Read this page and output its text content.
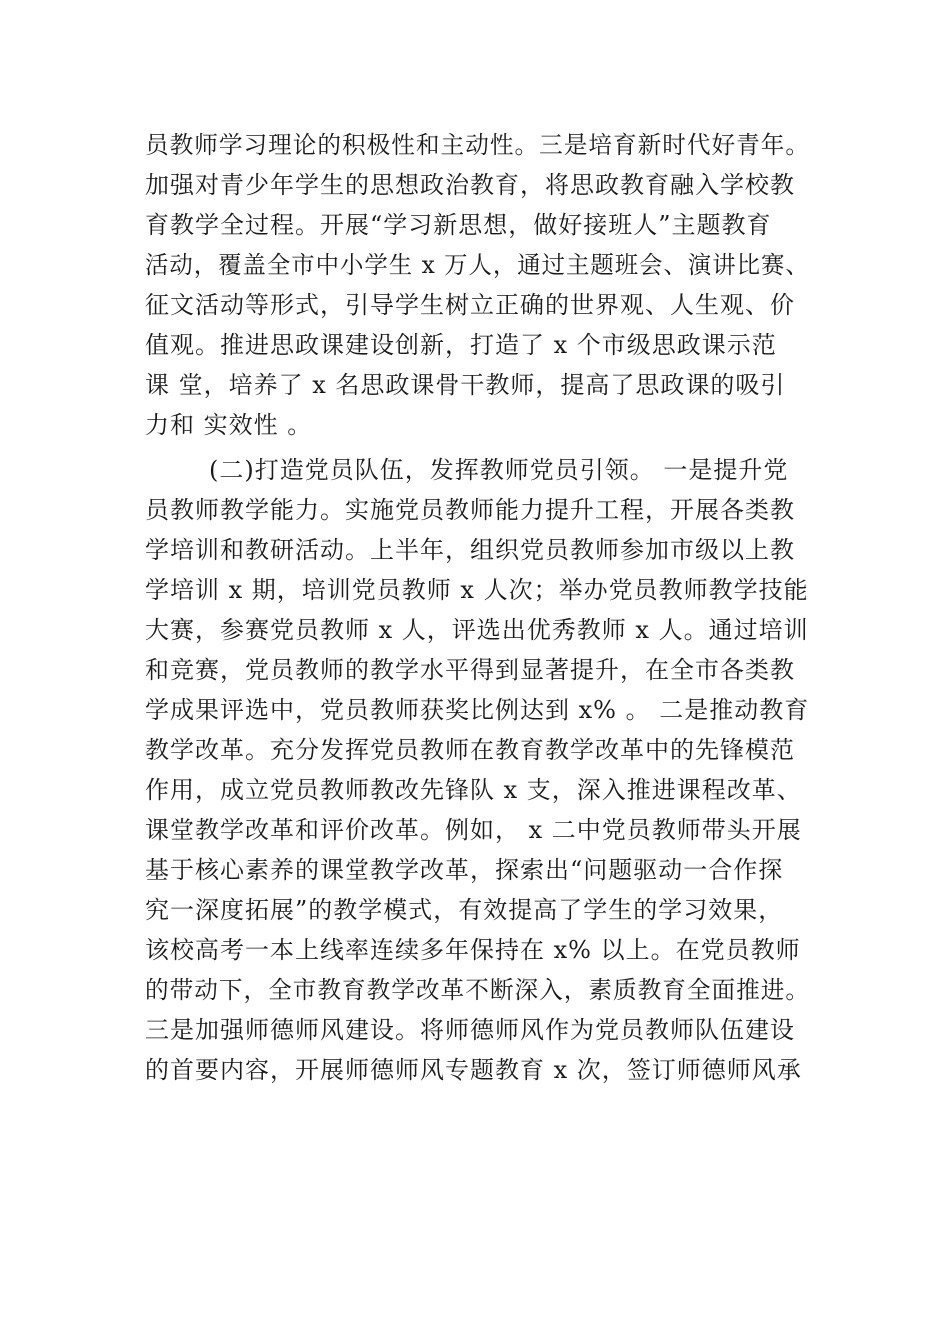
员教师学习理论的积极性和主动性。三是培育新时代好青年。
加强对青少年学生的思想政治教育，将思政教育融入学校教
育教学全过程。开展“学习新思想，做好接班人”主题教育
活动，覆盖全市中小学生 x 万人，通过主题班会、演讲比赛、
征文活动等形式，引导学生树立正确的世界观、人生观、价
值观。推进思政课建设创新，打造了 x 个市级思政课示范
课 堂，培养了 x 名思政课骨干教师，提高了思政课的吸引
力和 实效性 。
(二)打造党员队伍，发挥教师党员引领。 一是提升党
员教师教学能力。实施党员教师能力提升工程，开展各类教
学培训和教研活动。上半年，组织党员教师参加市级以上教
学培训 x 期，培训党员教师 x 人次；举办党员教师教学技能
大赛，参赛党员教师 x 人，评选出优秀教师 x 人。通过培训
和竞赛，党员教师的教学水平得到显著提升，在全市各类教
学成果评选中，党员教师获奖比例达到 x% 。 二是推动教育
教学改革。充分发挥党员教师在教育教学改革中的先锋模范
作用，成立党员教师教改先锋队 x 支，深入推进课程改革、
课堂教学改革和评价改革。例如， x 二中党员教师带头开展
基于核心素养的课堂教学改革，探索出“问题驱动一合作探
究一深度拓展”的教学模式，有效提高了学生的学习效果，
该校高考一本上线率连续多年保持在 x% 以上。在党员教师
的带动下，全市教育教学改革不断深入，素质教育全面推进。
三是加强师德师风建设。将师德师风作为党员教师队伍建设
的首要内容，开展师德师风专题教育 x 次，签订师德师风承
